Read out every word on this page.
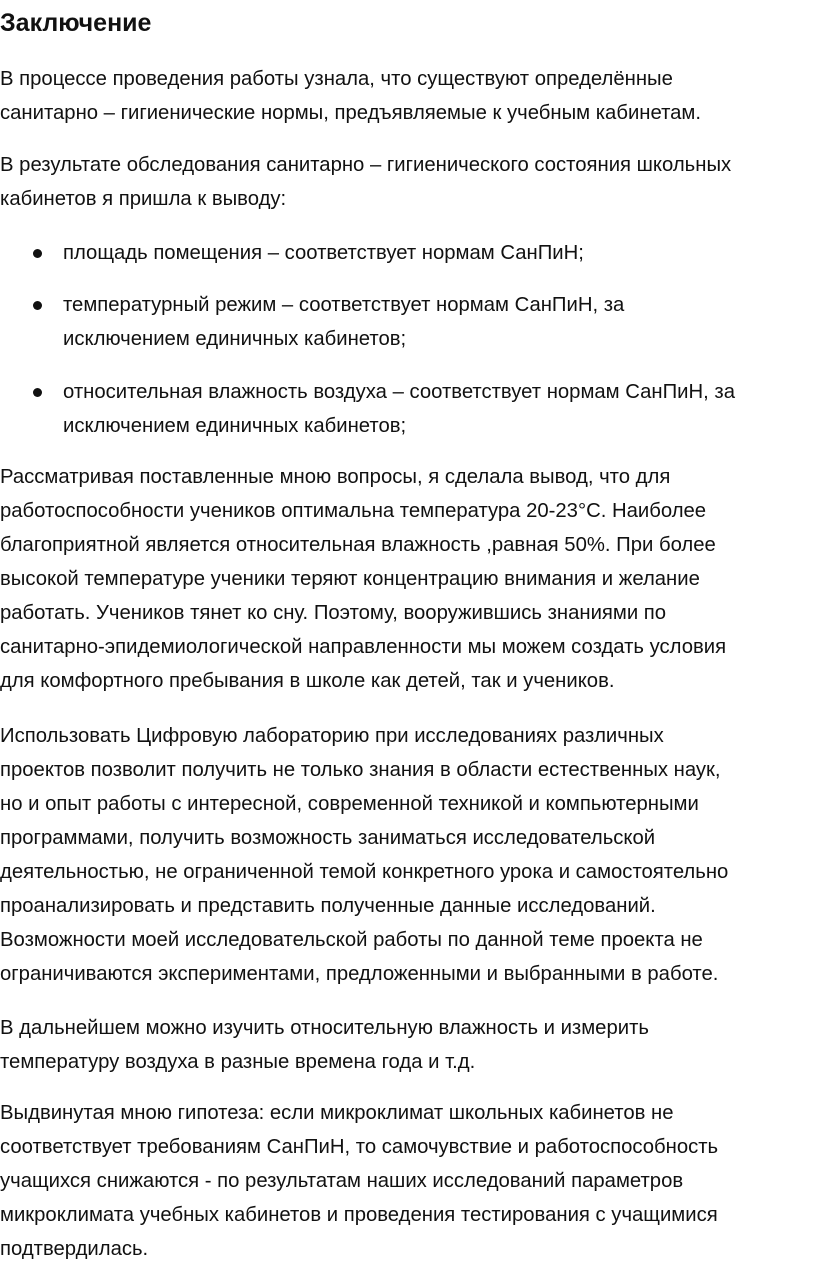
Заключение

В процессе проведения работы узнала, что существуют определённые
санитарно – гигиенические нормы, предъявляемые к учебным кабинетам.

В результате обследования санитарно – гигиенического состояния школьных
кабинетов я пришла к выводу:

площадь помещения – соответствует нормам СанПиН;

температурный режим – соответствует нормам СанПиН, за
исключением единичных кабинетов;

относительная влажность воздуха – соответствует нормам СанПиН, за
исключением единичных кабинетов;

Рассматривая поставленные мною вопросы, я сделала вывод, что для
работоспособности учеников оптимальна температура 20-23°С. Наиболее
благоприятной является относительная влажность ,равная 50%. При более
высокой температуре ученики теряют концентрацию внимания и желание
работать. Учеников тянет ко сну. Поэтому, вооружившись знаниями по
санитарно-эпидемиологической направленности мы можем создать условия
для комфортного пребывания в школе как детей, так и учеников.

Использовать Цифровую лабораторию при исследованиях различных
проектов позволит получить не только знания в области естественных наук,
но и опыт работы с интересной, современной техникой и компьютерными
программами, получить возможность заниматься исследовательской
деятельностью, не ограниченной темой конкретного урока и самостоятельно
проанализировать и представить полученные данные исследований.
Возможности моей исследовательской работы по данной теме проекта не
ограничиваются экспериментами, предложенными и выбранными в работе.

В дальнейшем можно изучить относительную влажность и измерить
температуру воздуха в разные времена года и т.д.

Выдвинутая мною гипотеза: если микроклимат школьных кабинетов не
соответствует требованиям СанПиН, то самочувствие и работоспособность
учащихся снижаются - по результатам наших исследований параметров
микроклимата учебных кабинетов и проведения тестирования с учащимися
подтвердилась.
